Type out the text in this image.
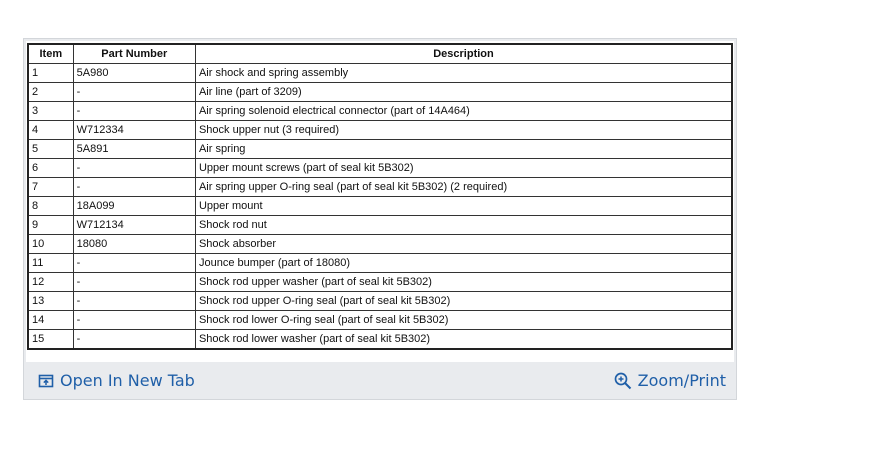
Item	Part Number	Description
1	5A980	Air shock and spring assembly
2	-	Air line (part of 3209)
3	-	Air spring solenoid electrical connector (part of 14A464)
4	W712334	Shock upper nut (3 required)
5	5A891	Air spring
6	-	Upper mount screws (part of seal kit 5B302)
7	-	Air spring upper O-ring seal (part of seal kit 5B302) (2 required)
8	18A099	Upper mount
9	W712134	Shock rod nut
10	18080	Shock absorber
11	-	Jounce bumper (part of 18080)
12	-	Shock rod upper washer (part of seal kit 5B302)
13	-	Shock rod upper O-ring seal (part of seal kit 5B302)
14	-	Shock rod lower O-ring seal (part of seal kit 5B302)
15	-	Shock rod lower washer (part of seal kit 5B302)
Open In New Tab	Zoom/Print
